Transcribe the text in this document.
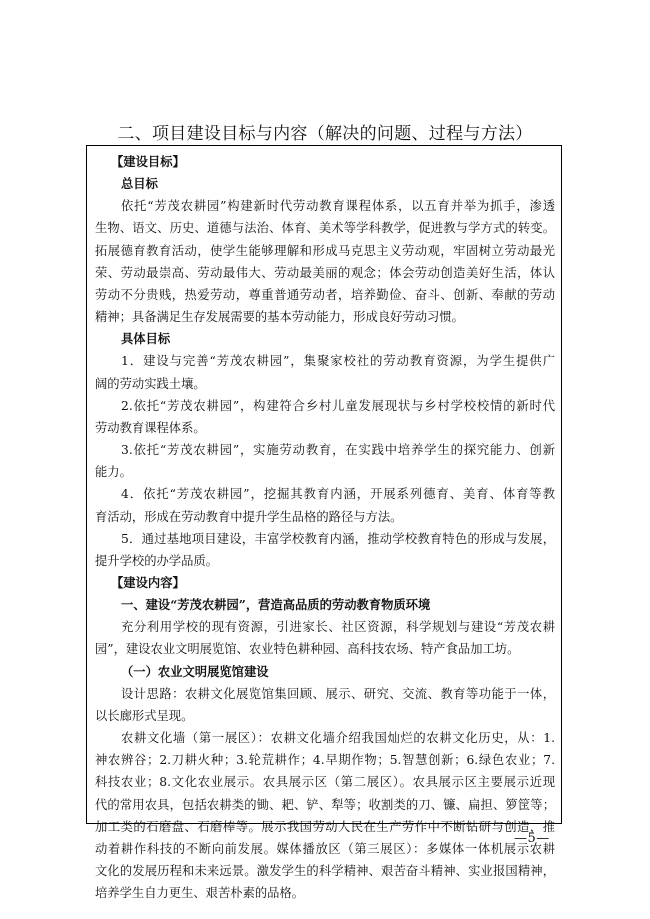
二、项目建设目标与内容（解决的问题、过程与方法）

【建设目标】

总目标

依托“芳茂农耕园”构建新时代劳动教育课程体系，以五育并举为抓手，渗透

生物、语文、历史、道德与法治、体育、美术等学科教学，促进教与学方式的转变。

拓展德育教育活动，使学生能够理解和形成马克思主义劳动观，牢固树立劳动最光

荣、劳动最崇高、劳动最伟大、劳动最美丽的观念；体会劳动创造美好生活，体认

劳动不分贵贱，热爱劳动，尊重普通劳动者，培养勤俭、奋斗、创新、奉献的劳动

精神；具备满足生存发展需要的基本劳动能力，形成良好劳动习惯。

具体目标

1．建设与完善“芳茂农耕园”，集聚家校社的劳动教育资源，为学生提供广

阔的劳动实践土壤。

2.依托“芳茂农耕园”，构建符合乡村儿童发展现状与乡村学校校情的新时代

劳动教育课程体系。

3.依托“芳茂农耕园”，实施劳动教育，在实践中培养学生的探究能力、创新

能力。

4．依托“芳茂农耕园”，挖掘其教育内涵，开展系列德育、美育、体育等教

育活动，形成在劳动教育中提升学生品格的路径与方法。

5．通过基地项目建设，丰富学校教育内涵，推动学校教育特色的形成与发展，

提升学校的办学品质。

【建设内容】

一、建设“芳茂农耕园”，营造高品质的劳动教育物质环境

充分利用学校的现有资源，引进家长、社区资源，科学规划与建设“芳茂农耕

园”，建设农业文明展览馆、农业特色耕种园、高科技农场、特产食品加工坊。

（一）农业文明展览馆建设

设计思路：农耕文化展览馆集回顾、展示、研究、交流、教育等功能于一体，

以长廊形式呈现。

农耕文化墙（第一展区）：农耕文化墙介绍我国灿烂的农耕文化历史，从：1.

神农辨谷；2.刀耕火种；3.轮荒耕作；4.早期作物；5.智慧创新；6.绿色农业；7.

科技农业；8.文化农业展示。农具展示区（第二展区）。农具展示区主要展示近现

代的常用农具，包括农耕类的锄、耙、铲、犁等；收割类的刀、镰、扁担、箩筐等；

加工类的石磨盘、石磨棒等。展示我国劳动人民在生产劳作中不断钻研与创造，推

动着耕作科技的不断向前发展。媒体播放区（第三展区）：多媒体一体机展示农耕

文化的发展历程和未来远景。激发学生的科学精神、艰苦奋斗精神、实业报国精神，

培养学生自力更生、艰苦朴素的品格。

—5—
